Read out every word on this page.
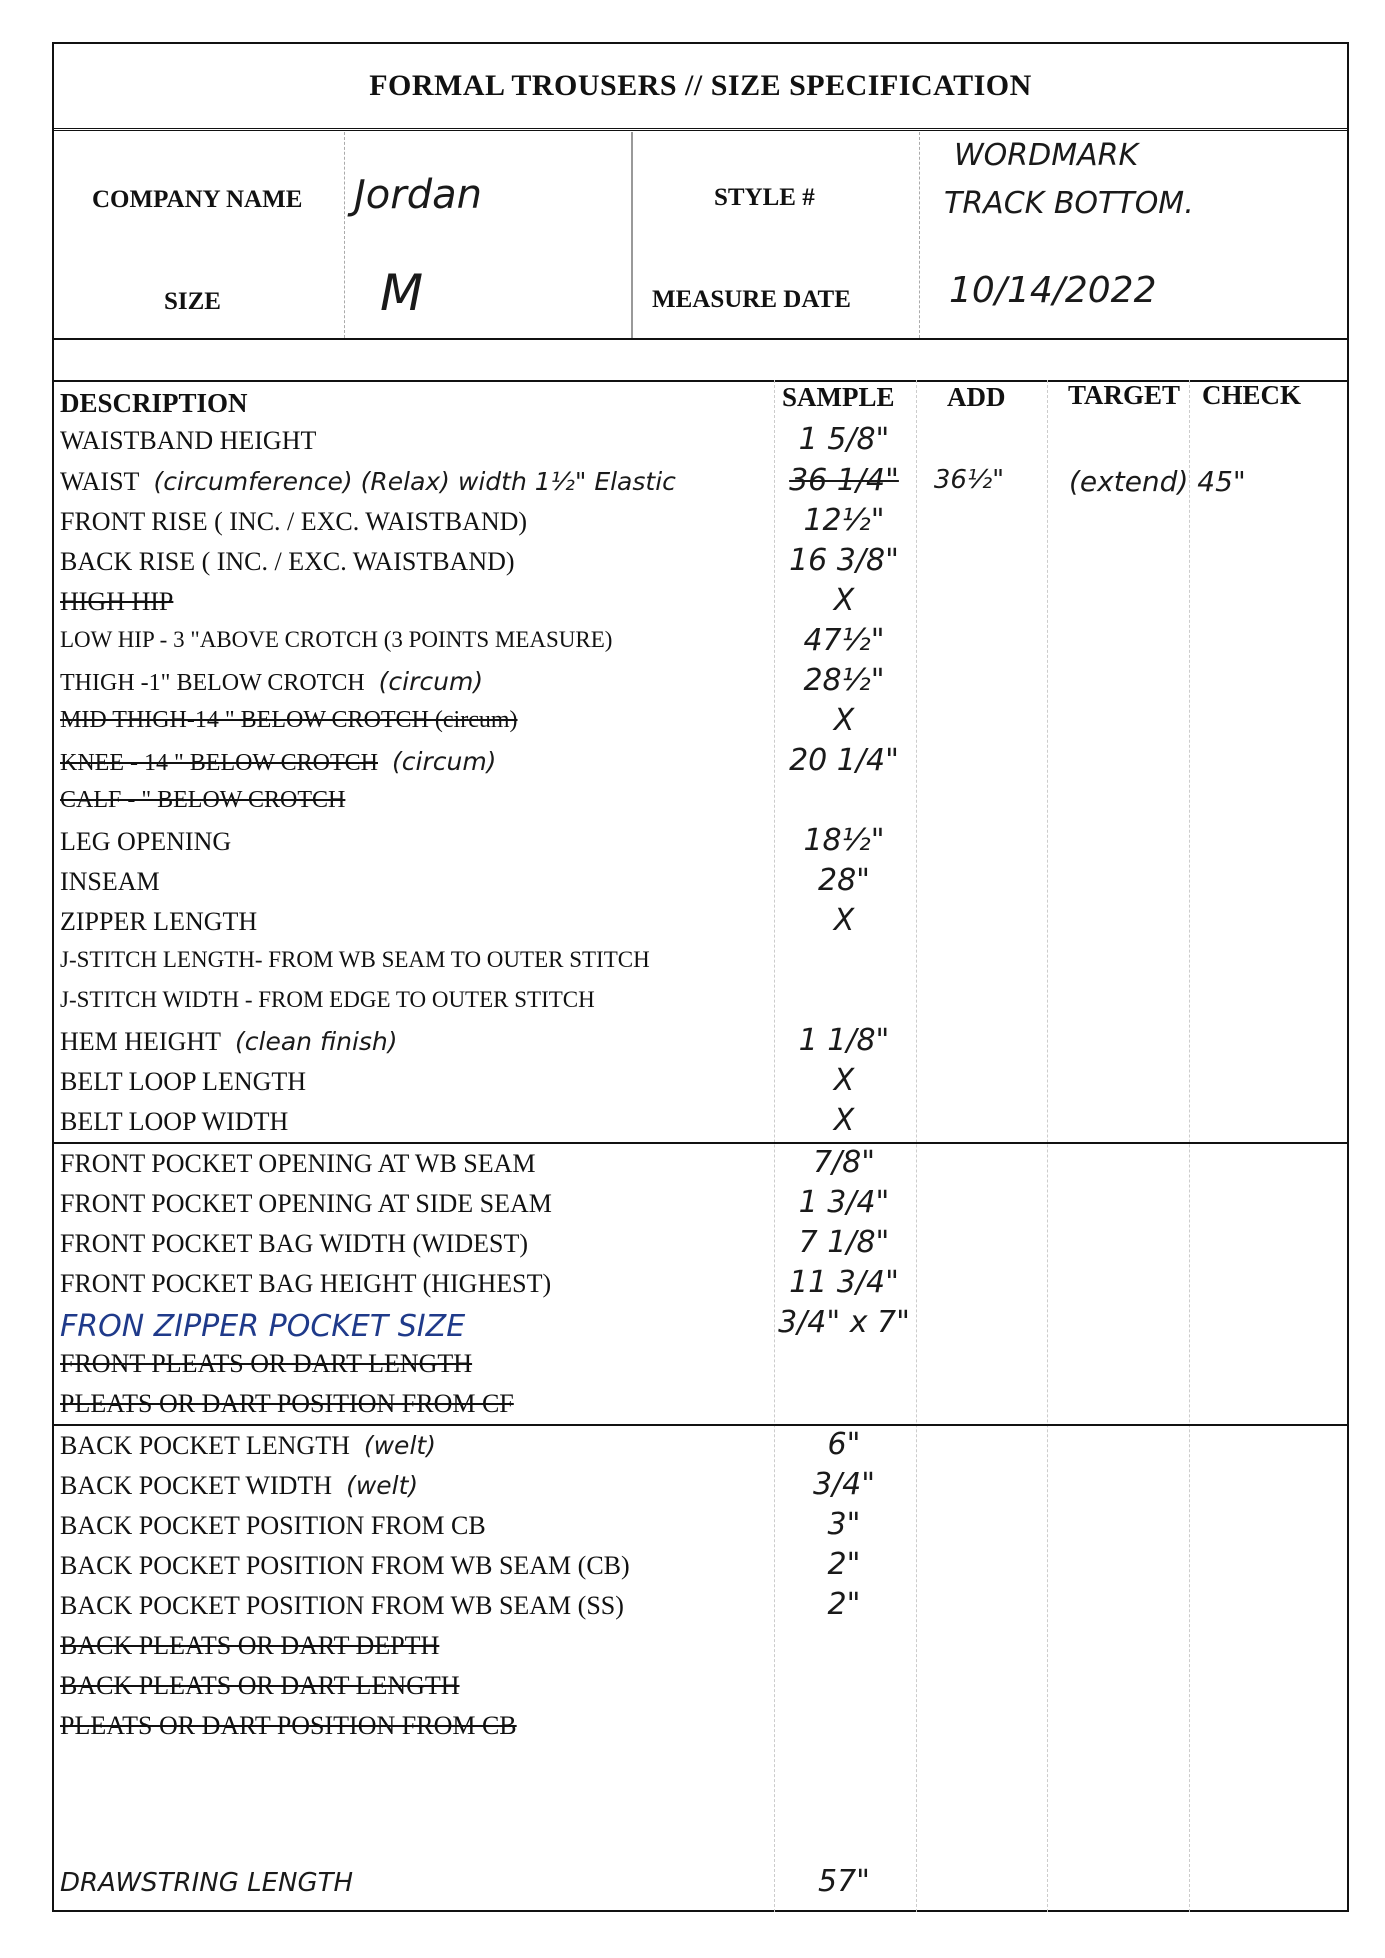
FORMAL TROUSERS // SIZE SPECIFICATION
COMPANY NAME Jordan	STYLE #
WORDMARK
TRACK BOTTOM.
SIZE	M	MEASURE DATE	10/14/2022
DESCRIPTION	SAMPLE ADD TARGET CHECK
WAISTBAND HEIGHT	1 5/8"
WAIST (circumference) (Relax) width 1½" Elastic	36 1/4"	36½"	(extend) 45"
FRONT RISE ( INC. / EXC. WAISTBAND)	12½"
BACK RISE ( INC. / EXC. WAISTBAND)	16 3/8"
HIGH HIP	X
LOW HIP - 3 "ABOVE CROTCH (3 POINTS MEASURE)	47½"
THIGH -1" BELOW CROTCH (circum)	28½"
MID THIGH-14 " BELOW CROTCH (circum)	X
KNEE - 14 " BELOW CROTCH (circum)	20 1/4"
CALF - " BELOW CROTCH
LEG OPENING	18½"
INSEAM	28"
ZIPPER LENGTH	X
J-STITCH LENGTH- FROM WB SEAM TO OUTER STITCH
J-STITCH WIDTH - FROM EDGE TO OUTER STITCH
HEM HEIGHT (clean finish)	1 1/8"
BELT LOOP LENGTH	X
BELT LOOP WIDTH	X
FRONT POCKET OPENING AT WB SEAM	7/8"
FRONT POCKET OPENING AT SIDE SEAM	1 3/4"
FRONT POCKET BAG WIDTH (WIDEST)	7 1/8"
FRONT POCKET BAG HEIGHT (HIGHEST)	11 3/4"
FRON ZIPPER POCKET SIZE	3/4" x 7"
FRONT PLEATS OR DART LENGTH
PLEATS OR DART POSITION FROM CF
BACK POCKET LENGTH (welt)	6"
BACK POCKET WIDTH (welt)	3/4"
BACK POCKET POSITION FROM CB	3"
BACK POCKET POSITION FROM WB SEAM (CB)	2"
BACK POCKET POSITION FROM WB SEAM (SS)	2"
BACK PLEATS OR DART DEPTH
BACK PLEATS OR DART LENGTH
PLEATS OR DART POSITION FROM CB
DRAWSTRING LENGTH	57"
